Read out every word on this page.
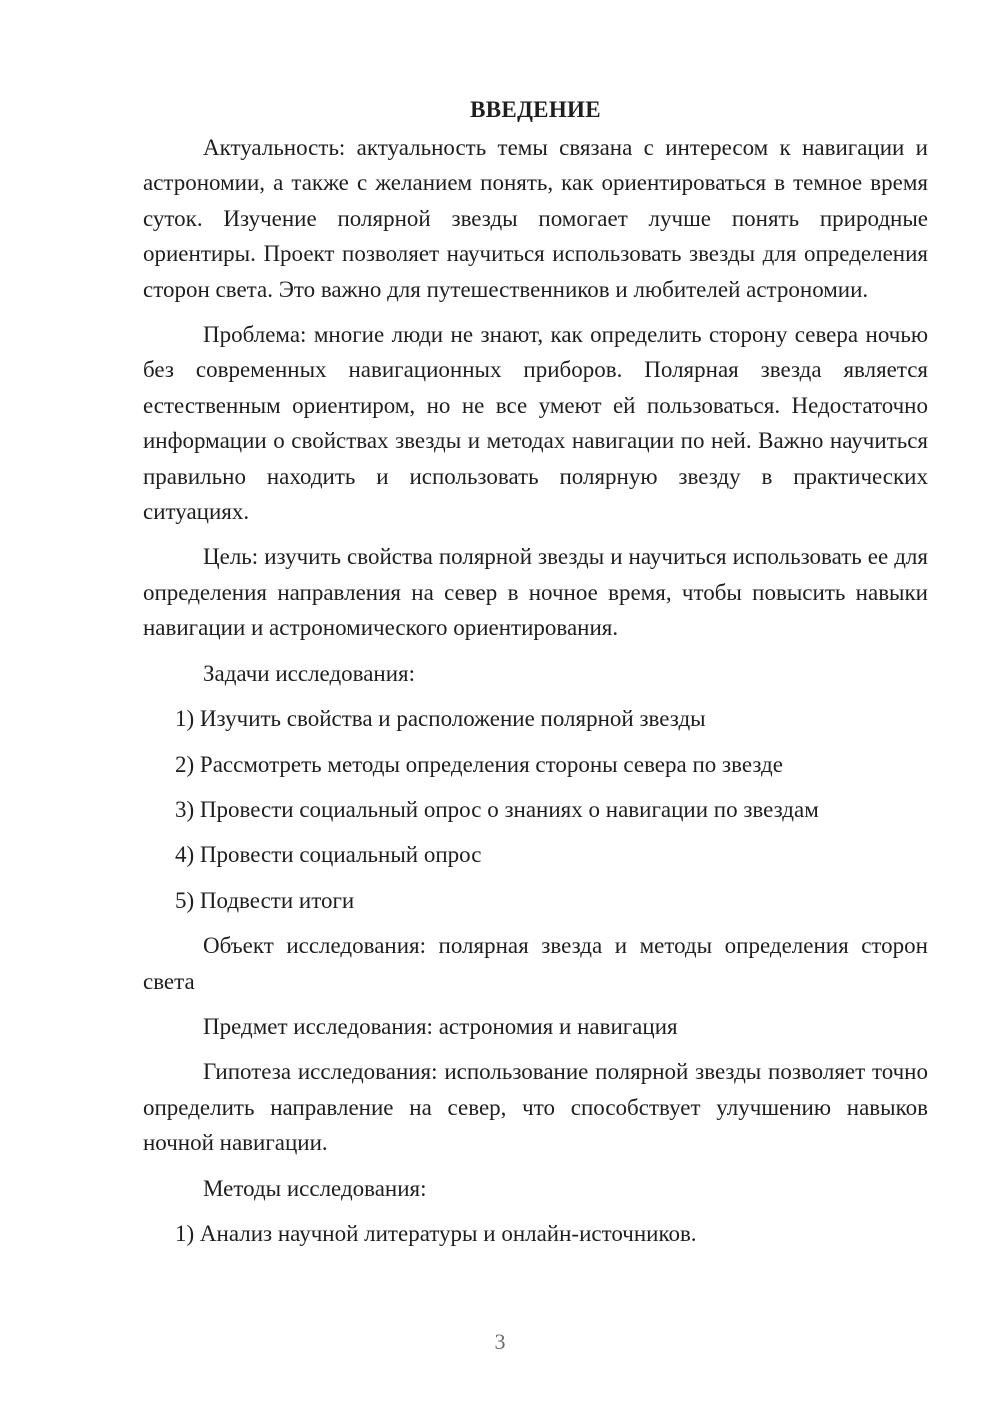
ВВЕДЕНИЕ

Актуальность: актуальность темы связана с интересом к навигации и астрономии, а также с желанием понять, как ориентироваться в темное время суток. Изучение полярной звезды помогает лучше понять природные ориентиры. Проект позволяет научиться использовать звезды для определения сторон света. Это важно для путешественников и любителей астрономии.

Проблема: многие люди не знают, как определить сторону севера ночью без современных навигационных приборов. Полярная звезда является естественным ориентиром, но не все умеют ей пользоваться. Недостаточно информации о свойствах звезды и методах навигации по ней. Важно научиться правильно находить и использовать полярную звезду в практических ситуациях.

Цель: изучить свойства полярной звезды и научиться использовать ее для определения направления на север в ночное время, чтобы повысить навыки навигации и астрономического ориентирования.

Задачи исследования:

1) Изучить свойства и расположение полярной звезды

2) Рассмотреть методы определения стороны севера по звезде

3) Провести социальный опрос о знаниях о навигации по звездам

4) Провести социальный опрос

5) Подвести итоги

Объект исследования: полярная звезда и методы определения сторон света

Предмет исследования: астрономия и навигация

Гипотеза исследования: использование полярной звезды позволяет точно определить направление на север, что способствует улучшению навыков ночной навигации.

Методы исследования:

1) Анализ научной литературы и онлайн-источников.

3
